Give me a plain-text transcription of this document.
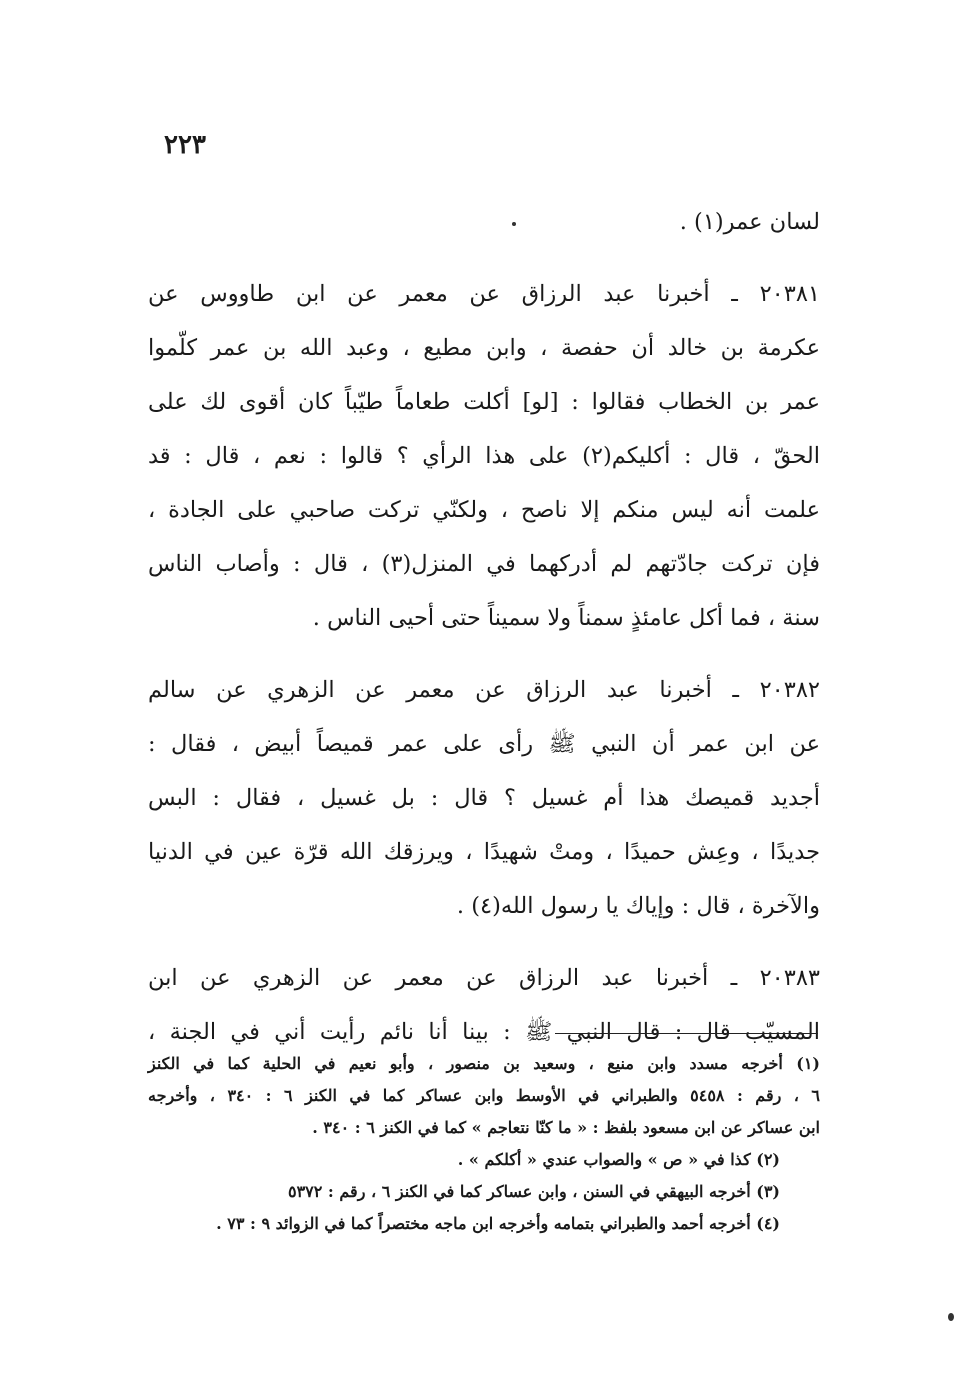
٢٢٣
لسان عمر(١) .
٢٠٣٨١ ـ أخبرنا عبد الرزاق عن معمر عن ابن طاووس عن
عكرمة بن خالد أن حفصة ، وابن مطيع ، وعبد الله بن عمر كلّموا
عمر بن الخطاب فقالوا : [لو] أكلت طعاماً طيّباً كان أقوى لك على
الحقّ ، قال : أكليكم(٢) على هذا الرأي ؟ قالوا : نعم ، قال : قد
علمت أنه ليس منكم إلا ناصح ، ولكنّي تركت صاحبي على الجادة ،
فإن تركت جادّتهم لم أدركهما في المنزل(٣) ، قال : وأصاب الناس
سنة ، فما أكل عامئذٍ سمناً ولا سميناً حتى أحيى الناس .
٢٠٣٨٢ ـ أخبرنا عبد الرزاق عن معمر عن الزهري عن سالم
عن ابن عمر أن النبي ﷺ رأى على عمر قميصاً أبيض ، فقال :
أجديد قميصك هذا أم غسيل ؟ قال : بل غسيل ، فقال : البس
جديدًا ، وعِش حميدًا ، ومتْ شهيدًا ، ويرزقك الله قرّة عين في الدنيا
والآخرة ، قال : وإياك يا رسول الله(٤) .
٢٠٣٨٣ ـ أخبرنا عبد الرزاق عن معمر عن الزهري عن ابن
المسيّب قال : قال النبي ﷺ : بينا أنا نائم رأيت أني في الجنة ،
(١) أخرجه مسدد وابن منيع ، وسعيد بن منصور ، وأبو نعيم في الحلية كما في الكنز
٦ ، رقم : ٥٤٥٨ والطبراني في الأوسط وابن عساكر كما في الكنز ٦ : ٣٤٠ ، وأخرجه
ابن عساكر عن ابن مسعود بلفظ : « ما كنّا نتعاجم » كما في الكنز ٦ : ٣٤٠ .
(٢) كذا في « ص » والصواب عندي « أكلكم » .
(٣) أخرجه البيهقي في السنن ، وابن عساكر كما في الكنز ٦ ، رقم : ٥٣٧٢
(٤) أخرجه أحمد والطبراني بتمامه وأخرجه ابن ماجه مختصراً كما في الزوائد ٩ : ٧٣ .
